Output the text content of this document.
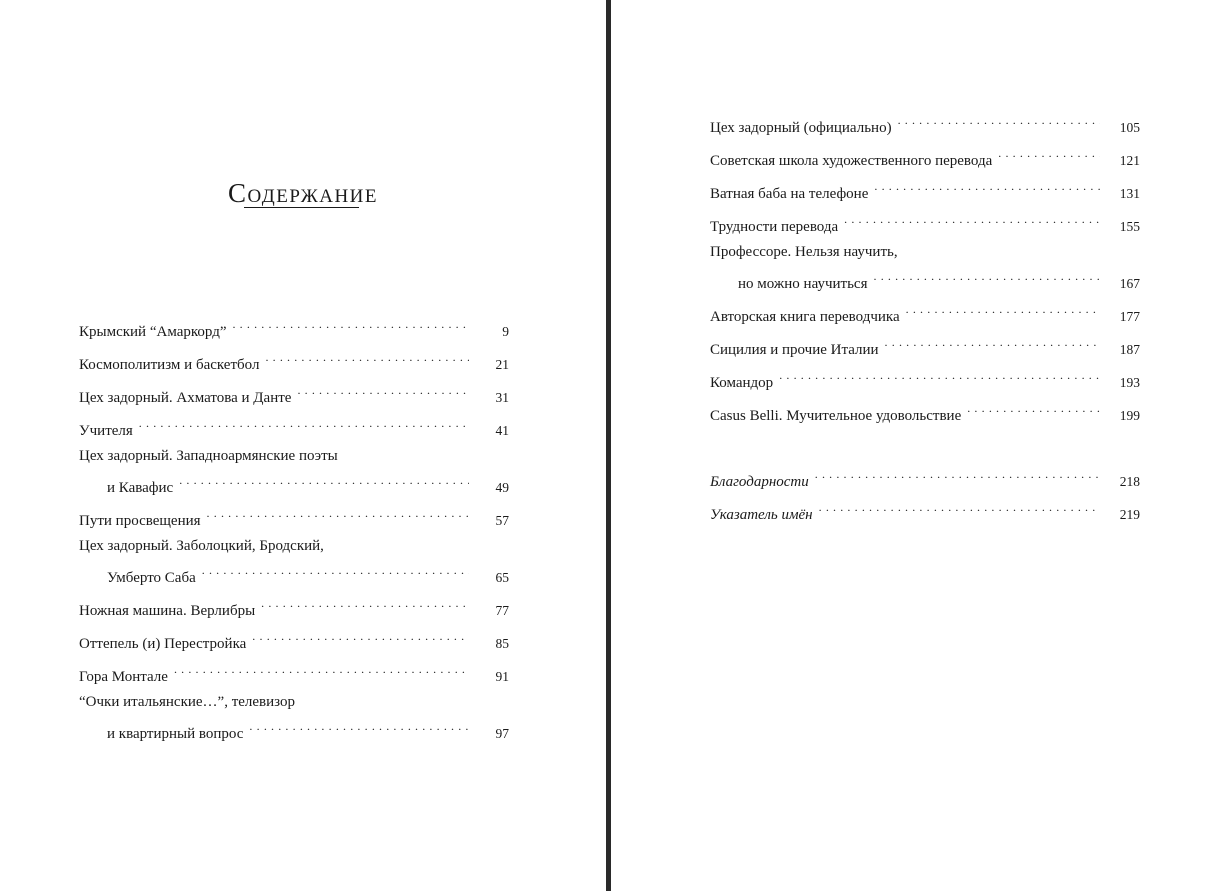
Содержание
Крымский “Амаркорд” . . .	9
Космополитизм и баскетбол . . .	21
Цех задорный. Ахматова и Данте . . .	31
Учителя . . .	41
Цех задорный. Западноармянские поэты
и Кавафис . . .	49
Пути просвещения . . .	57
Цех задорный. Заболоцкий, Бродский,
Умберто Саба . . .	65
Ножная машина. Верлибры . . .	77
Оттепель (и) Перестройка . . .	85
Гора Монтале . . .	91
“Очки итальянские…”, телевизор
и квартирный вопрос . . .	97
Цех задорный (официально) . . .	105
Советская школа художественного перевода . . .	121
Ватная баба на телефоне . . .	131
Трудности перевода . . .	155
Профессоре. Нельзя научить,
но можно научиться . . .	167
Авторская книга переводчика . . .	177
Сицилия и прочие Италии . . .	187
Командор . . .	193
Casus Belli. Мучительное удовольствие . . .	199
Благодарности . . .	218
Указатель имён . . .	219
